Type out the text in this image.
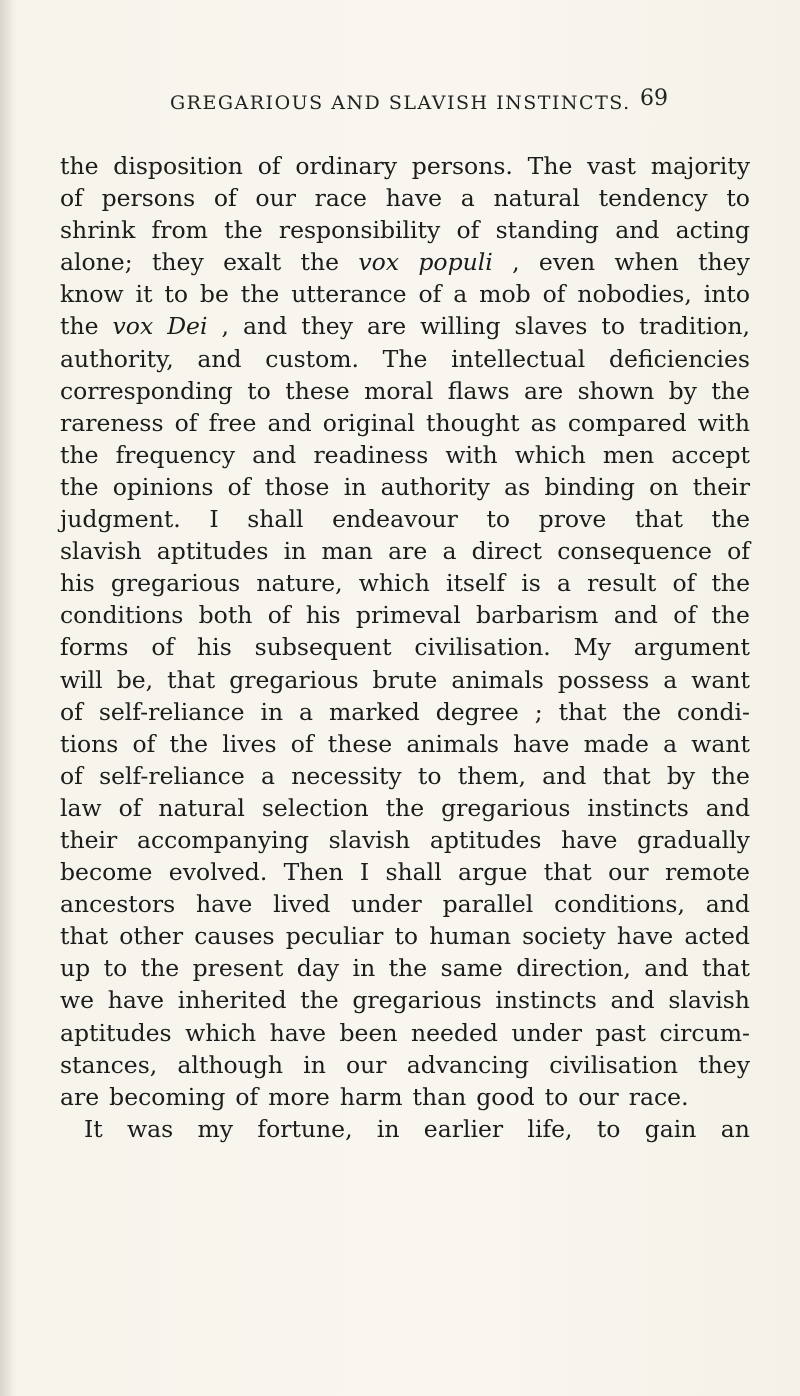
GREGARIOUS AND SLAVISH INSTINCTS. 69
the disposition of ordinary persons. The vast majority
of persons of our race have a natural tendency to
shrink from the responsibility of standing and acting
alone; they exalt the vox populi , even when they
know it to be the utterance of a mob of nobodies, into
the vox Dei , and they are willing slaves to tradition,
authority, and custom. The intellectual deficiencies
corresponding to these moral flaws are shown by the
rareness of free and original thought as compared with
the frequency and readiness with which men accept
the opinions of those in authority as binding on their
judgment. I shall endeavour to prove that the
slavish aptitudes in man are a direct consequence of
his gregarious nature, which itself is a result of the
conditions both of his primeval barbarism and of the
forms of his subsequent civilisation. My argument
will be, that gregarious brute animals possess a want
of self-reliance in a marked degree ; that the condi-
tions of the lives of these animals have made a want
of self-reliance a necessity to them, and that by the
law of natural selection the gregarious instincts and
their accompanying slavish aptitudes have gradually
become evolved. Then I shall argue that our remote
ancestors have lived under parallel conditions, and
that other causes peculiar to human society have acted
up to the present day in the same direction, and that
we have inherited the gregarious instincts and slavish
aptitudes which have been needed under past circum-
stances, although in our advancing civilisation they
are becoming of more harm than good to our race.
It was my fortune, in earlier life, to gain an
